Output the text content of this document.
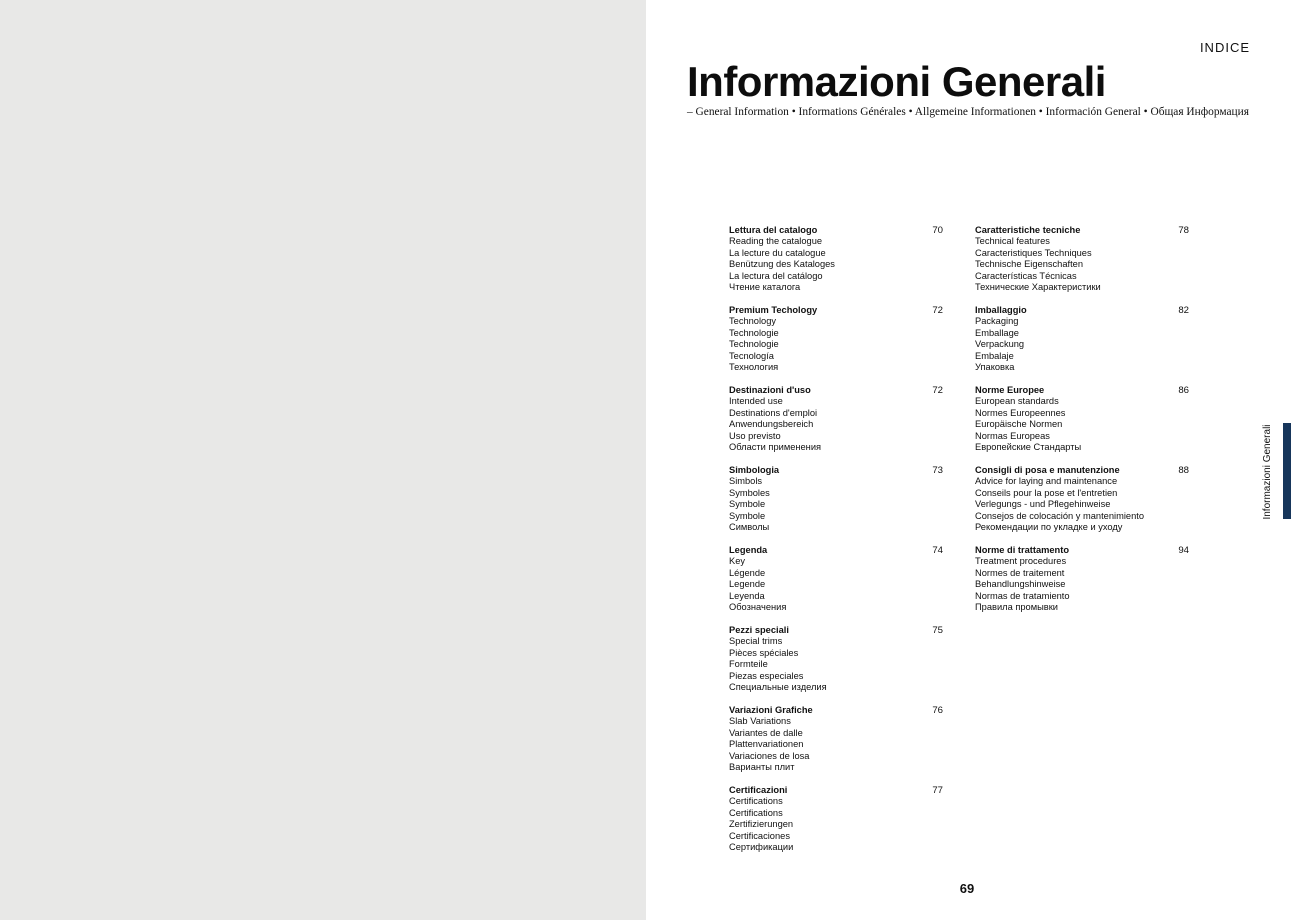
INDICE
Informazioni Generali
– General Information • Informations Générales • Allgemeine Informationen • Información General • Общая Информация
Lettura del catalogo	70
Reading the catalogue
La lecture du catalogue
Benützung des Kataloges
La lectura del catálogo
Чтение каталога
Premium Techology	72
Technology
Technologie
Technologie
Tecnología
Технология
Destinazioni d'uso	72
Intended use
Destinations d'emploi
Anwendungsbereich
Uso previsto
Области применения
Simbologia	73
Simbols
Symboles
Symbole
Symbole
Символы
Legenda	74
Key
Légende
Legende
Leyenda
Обозначения
Pezzi speciali	75
Special trims
Pièces spéciales
Formteile
Piezas especiales
Специальные изделия
Variazioni Grafiche	76
Slab Variations
Variantes de dalle
Plattenvariationen
Variaciones de losa
Варианты плит
Certificazioni	77
Certifications
Certifications
Zertifizierungen
Certificaciones
Сертификации
Caratteristiche tecniche	78
Technical features
Caracteristiques Techniques
Technische Eigenschaften
Características Técnicas
Технические Характеристики
Imballaggio	82
Packaging
Emballage
Verpackung
Embalaje
Упаковка
Norme Europee	86
European standards
Normes Europeennes
Europäische Normen
Normas Europeas
Европейские Стандарты
Consigli di posa e manutenzione	88
Advice for laying and maintenance
Conseils pour la pose et l'entretien
Verlegungs - und Pflegehinweise
Consejos de colocación y mantenimiento
Рекомендации по укладке и уходу
Norme di trattamento	94
Treatment procedures
Normes de traitement
Behandlungshinweise
Normas de tratamiento
Правила промывки
Informazioni Generali
69
